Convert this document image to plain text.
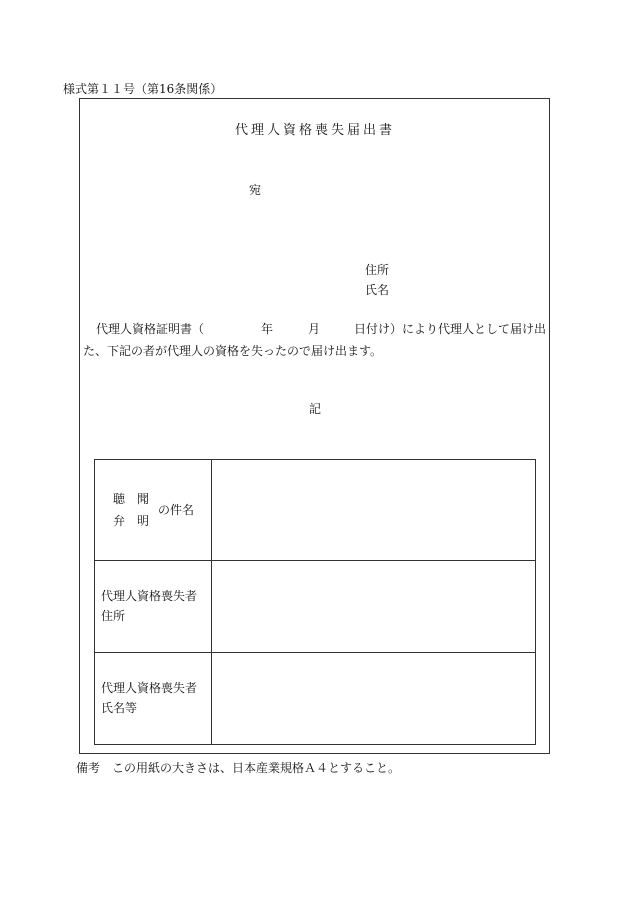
様式第１１号（第16条関係）
代理人資格喪失届出書
宛
住所
氏名
代理人資格証明書（	年	月	日付け）により代理人として届け出
た、下記の者が代理人の資格を失ったので届け出ます。
記
聴聞
弁明
の件名	

代理人資格喪失者
住所	

代理人資格喪失者
氏名等	

備考 この用紙の大きさは、日本産業規格Ａ４とすること。
